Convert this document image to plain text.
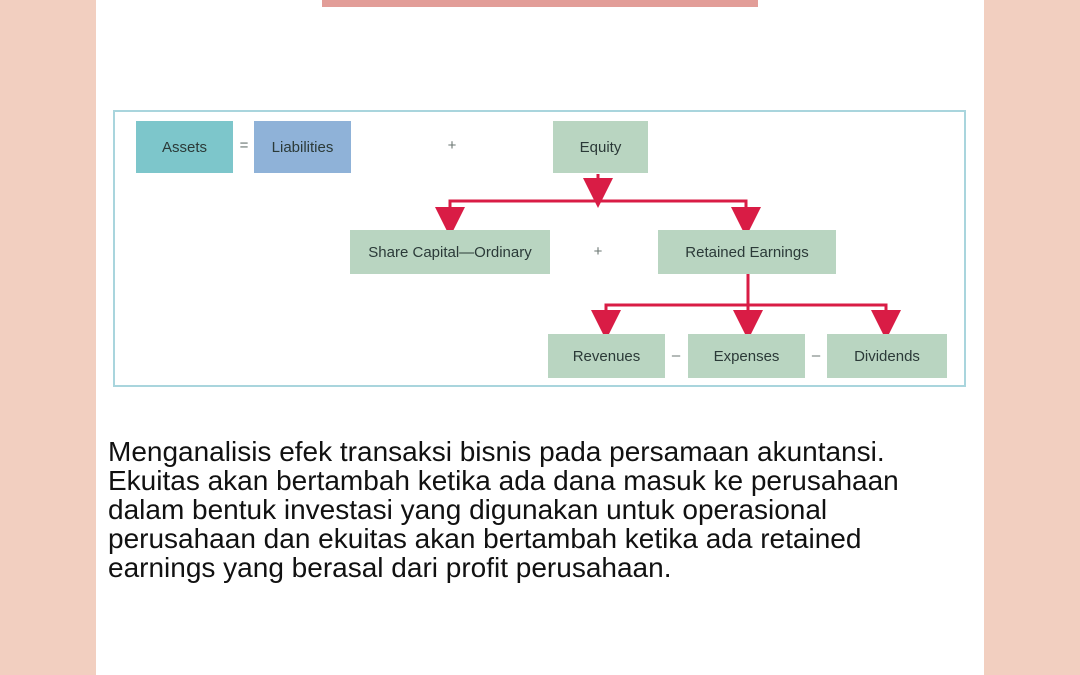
Assets	=	Liabilities	+	Equity
Share Capital—Ordinary	+	Retained Earnings
Revenues	–	Expenses	–	Dividends

Menganalisis efek transaksi bisnis pada persamaan akuntansi. Ekuitas akan bertambah ketika ada dana masuk ke perusahaan dalam bentuk investasi yang digunakan untuk operasional perusahaan dan ekuitas akan bertambah ketika ada retained earnings yang berasal dari profit perusahaan.
